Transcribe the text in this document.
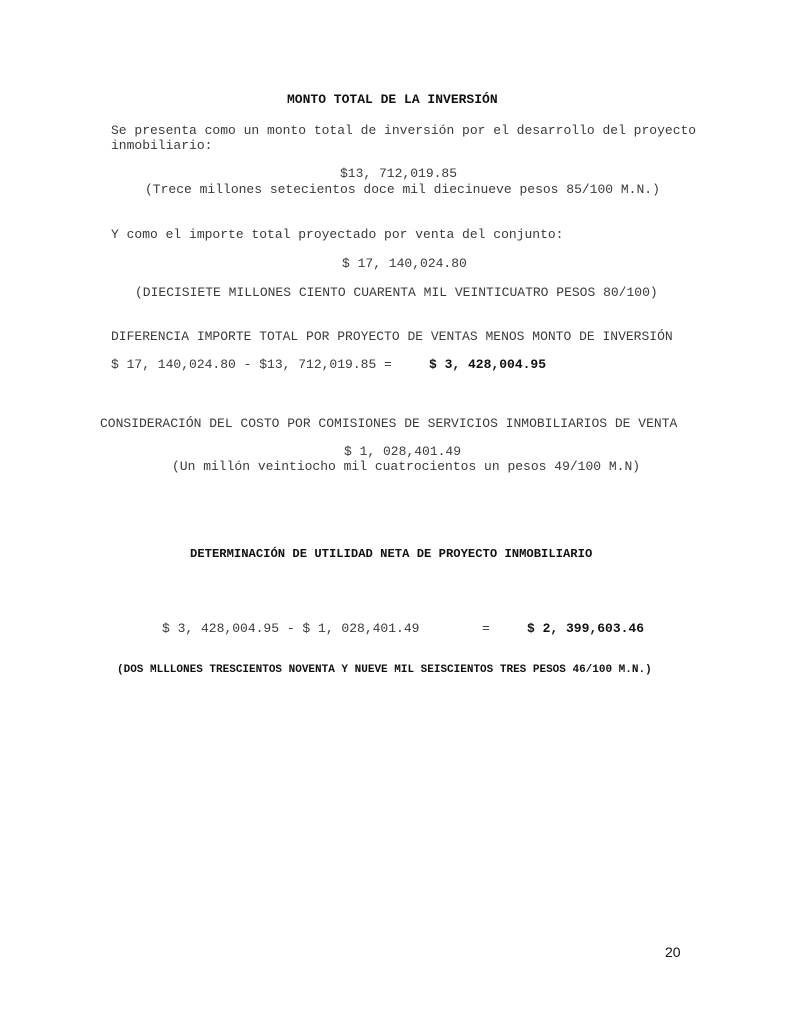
MONTO TOTAL DE LA INVERSIÓN
Se presenta como un monto total de inversión por el desarrollo del proyecto
inmobiliario:
$13, 712,019.85
(Trece millones setecientos doce mil diecinueve pesos 85/100 M.N.)
Y como el importe total proyectado por venta del conjunto:
$ 17, 140,024.80
(DIECISIETE MILLONES CIENTO CUARENTA MIL VEINTICUATRO PESOS 80/100)
DIFERENCIA IMPORTE TOTAL POR PROYECTO DE VENTAS MENOS MONTO DE INVERSIÓN
$ 17, 140,024.80 - $13, 712,019.85 =	$ 3, 428,004.95
CONSIDERACIÓN DEL COSTO POR COMISIONES DE SERVICIOS INMOBILIARIOS DE VENTA
$ 1, 028,401.49
(Un millón veintiocho mil cuatrocientos un pesos 49/100 M.N)
DETERMINACIÓN DE UTILIDAD NETA DE PROYECTO INMOBILIARIO
$ 3, 428,004.95 - $ 1, 028,401.49	=	$ 2, 399,603.46
(DOS MLLLONES TRESCIENTOS NOVENTA Y NUEVE MIL SEISCIENTOS TRES PESOS 46/100 M.N.)
20
